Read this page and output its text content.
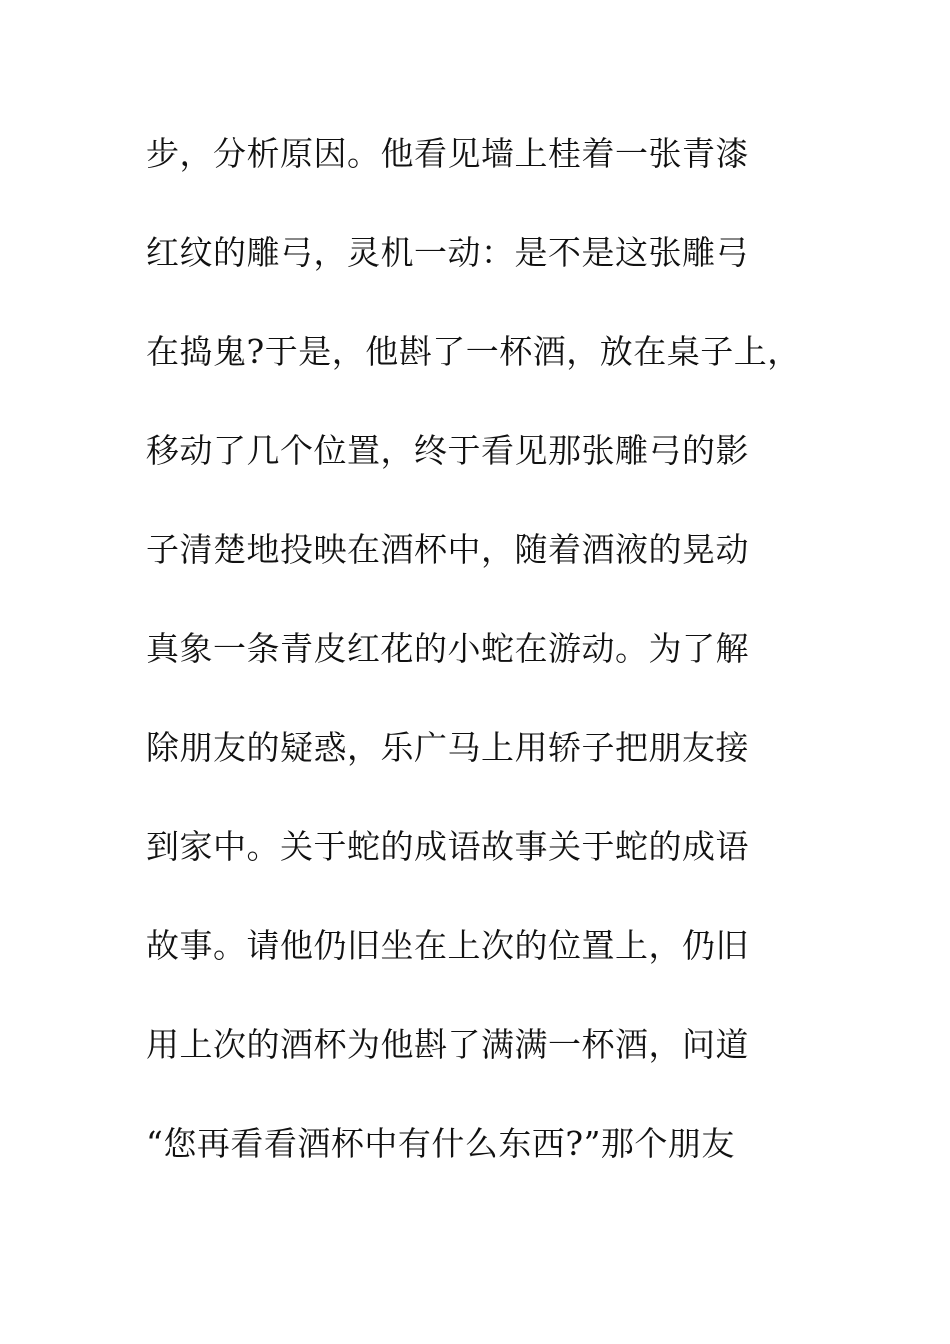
步，分析原因。他看见墙上桂着一张青漆
红纹的雕弓，灵机一动：是不是这张雕弓
在捣鬼?于是，他斟了一杯酒，放在桌子上，
移动了几个位置，终于看见那张雕弓的影
子清楚地投映在酒杯中，随着酒液的晃动
真象一条青皮红花的小蛇在游动。为了解
除朋友的疑惑，乐广马上用轿子把朋友接
到家中。关于蛇的成语故事关于蛇的成语
故事。请他仍旧坐在上次的位置上，仍旧
用上次的酒杯为他斟了满满一杯酒，问道
“您再看看酒杯中有什么东西?”那个朋友
